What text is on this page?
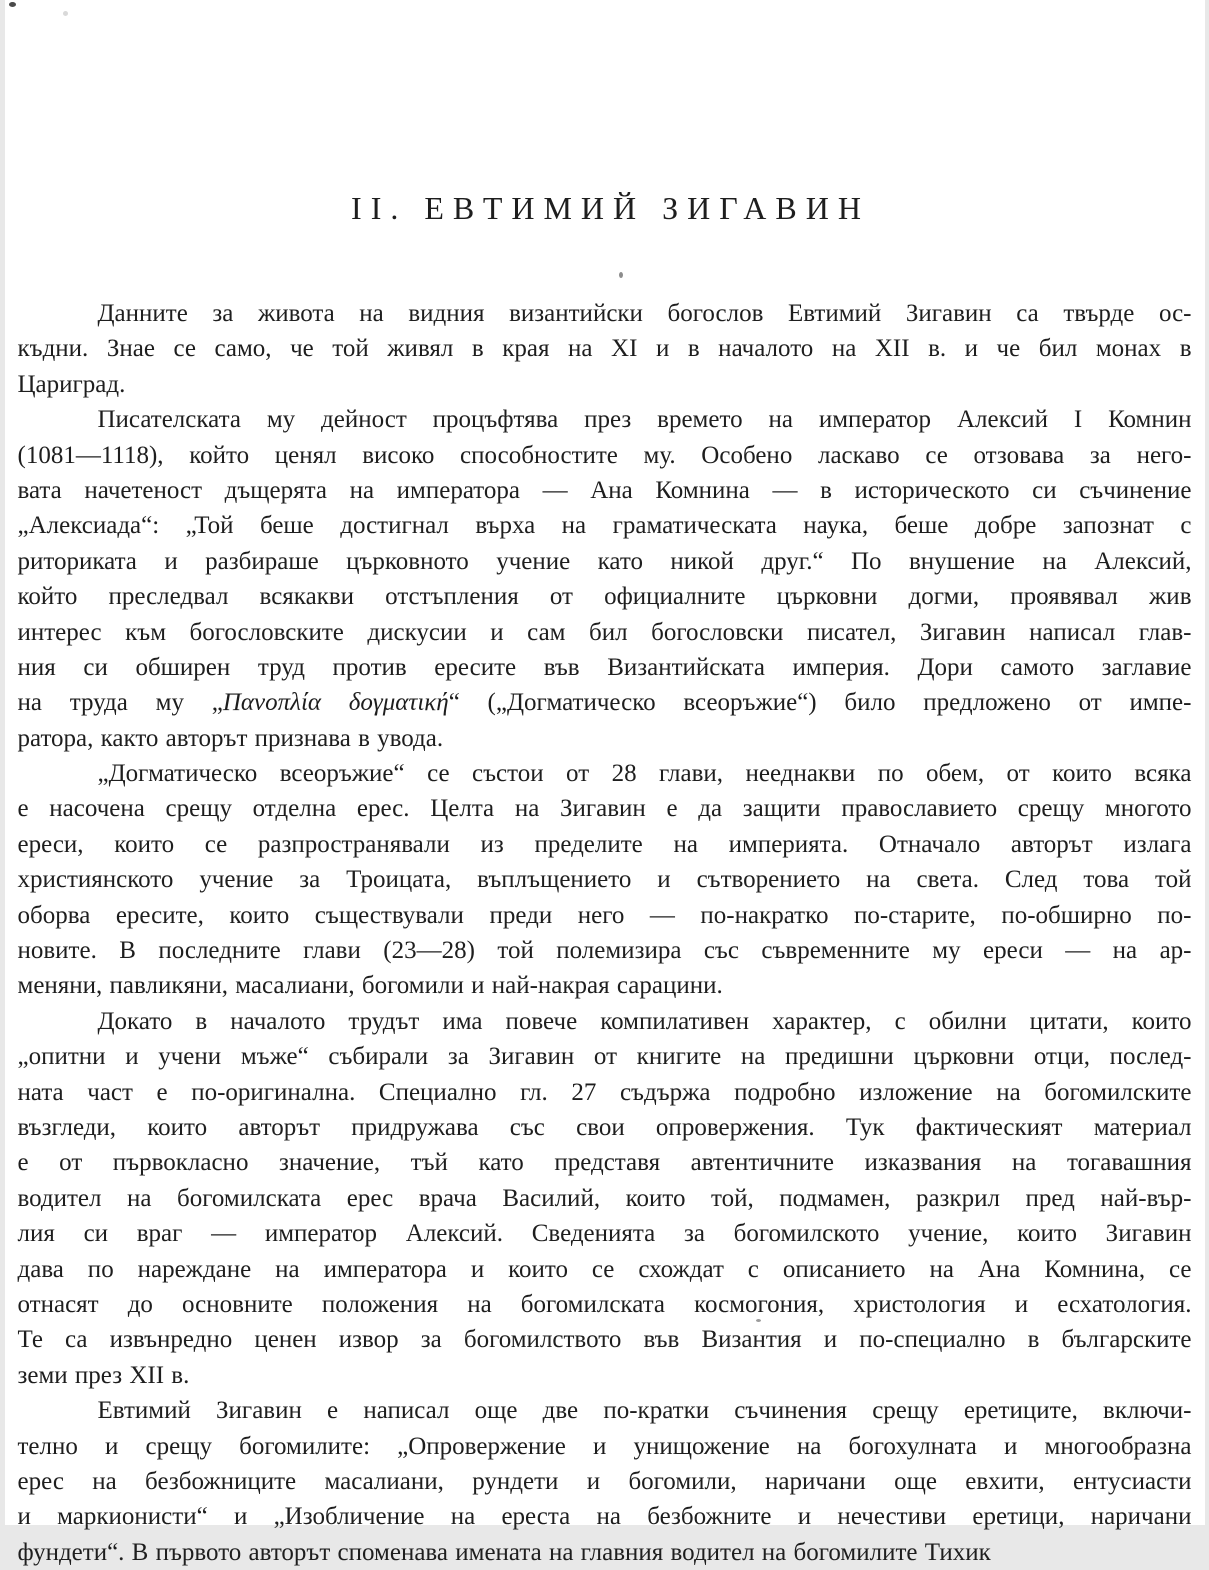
II. ЕВТИМИЙ ЗИГАВИН
Данните за живота на видния византийски богослов Евтимий Зигавин са твърде ос-
къдни. Знае се само, че той живял в края на XI и в началото на XII в. и че бил монах в
Цариград.
Писателската му дейност процъфтява през времето на император Алексий I Комнин
(1081—1118), който ценял високо способностите му. Особено ласкаво се отзовава за него-
вата начетеност дъщерята на императора — Ана Комнина — в историческото си съчинение
„Алексиада“: „Той беше достигнал върха на граматическата наука, беше добре запознат с
риториката и разбираше църковното учение като никой друг.“ По внушение на Алексий,
който преследвал всякакви отстъпления от официалните църковни догми, проявявал жив
интерес към богословските дискусии и сам бил богословски писател, Зигавин написал глав-
ния си обширен труд против ересите във Византийската империя. Дори самото заглавие
на труда му „Πανοπλία δογματική“ („Догматическо всеоръжие“) било предложено от импе-
ратора, както авторът признава в увода.
„Догматическо всеоръжие“ се състои от 28 глави, нееднакви по обем, от които всяка
е насочена срещу отделна ерес. Целта на Зигавин е да защити православието срещу многото
ереси, които се разпространявали из пределите на империята. Отначало авторът излага
християнското учение за Троицата, въплъщението и сътворението на света. След това той
оборва ересите, които съществували преди него — по-накратко по-старите, по-обширно по-
новите. В последните глави (23—28) той полемизира със съвременните му ереси — на ар-
меняни, павликяни, масалиани, богомили и най-накрая сарацини.
Докато в началото трудът има повече компилативен характер, с обилни цитати, които
„опитни и учени мъже“ събирали за Зигавин от книгите на предишни църковни отци, послед-
ната част е по-оригинална. Специално гл. 27 съдържа подробно изложение на богомилските
възгледи, които авторът придружава със свои опровержения. Тук фактическият материал
е от първокласно значение, тъй като представя автентичните изказвания на тогавашния
водител на богомилската ерес врача Василий, които той, подмамен, разкрил пред най-вър-
лия си враг — император Алексий. Сведенията за богомилското учение, които Зигавин
дава по нареждане на императора и които се схождат с описанието на Ана Комнина, се
отнасят до основните положения на богомилската космогония, христология и есхатология.
Те са извънредно ценен извор за богомилството във Византия и по-специално в българските
земи през XII в.
Евтимий Зигавин е написал още две по-кратки съчинения срещу еретиците, включи-
телно и срещу богомилите: „Опровержение и унищожение на богохулната и многообразна
ерес на безбожниците масалиани, рундети и богомили, наричани още евхити, ентусиасти
и маркионисти“ и „Изобличение на ереста на безбожните и нечестиви еретици, наричани
фундети“. В първото авторът споменава имената на главния водител на богомилите Тихик
